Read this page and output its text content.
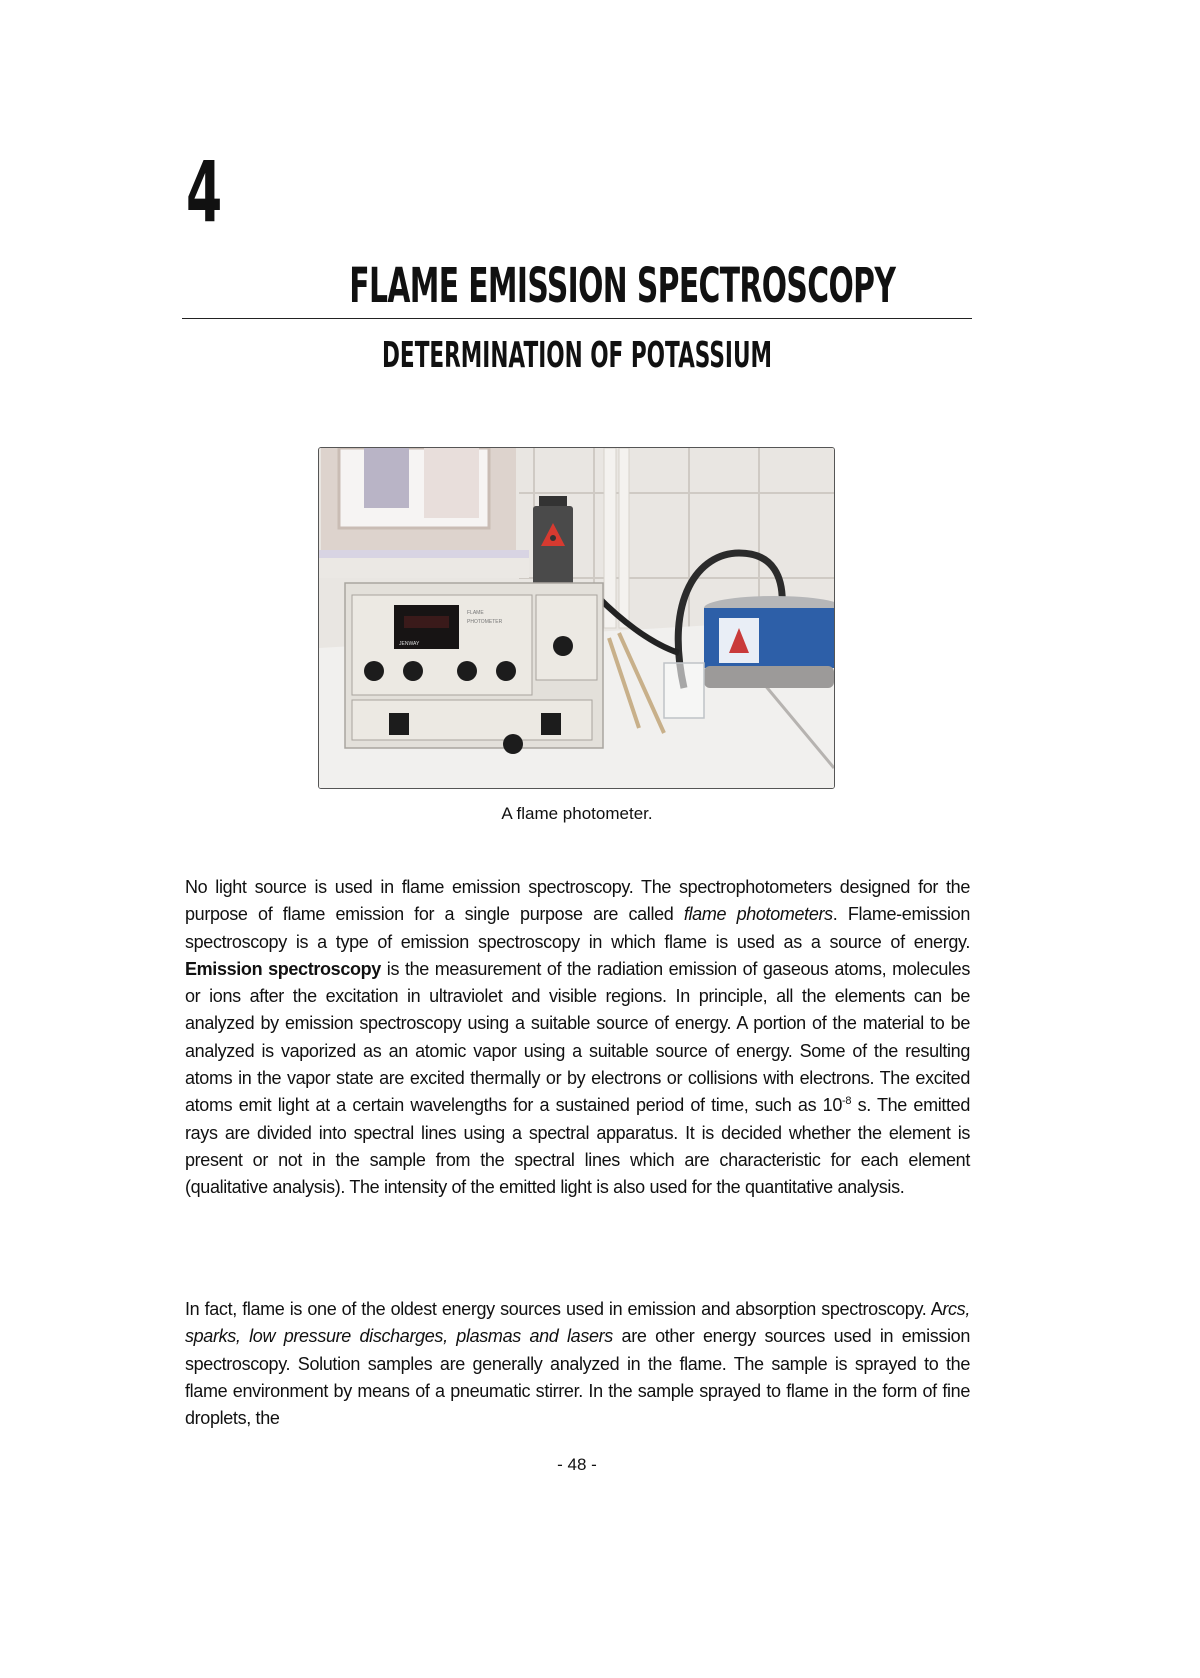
4
FLAME EMISSION SPECTROSCOPY
DETERMINATION OF POTASSIUM
JENWAY
FLAME
PHOTOMETER
A flame photometer.

No light source is used in flame emission spectroscopy. The spectrophotometers designed for the purpose of flame emission for a single purpose are called flame photometers. Flame-emission spectroscopy is a type of emission spectroscopy in which flame is used as a source of energy. Emission spectroscopy is the measurement of the radiation emission of gaseous atoms, molecules or ions after the excitation in ultraviolet and visible regions. In principle, all the elements can be analyzed by emission spectroscopy using a suitable source of energy. A portion of the material to be analyzed is vaporized as an atomic vapor using a suitable source of energy. Some of the resulting atoms in the vapor state are excited thermally or by electrons or collisions with electrons. The excited atoms emit light at a certain wavelengths for a sustained period of time, such as $10^{-8}$ s. The emitted rays are divided into spectral lines using a spectral apparatus. It is decided whether the element is present or not in the sample from the spectral lines which are characteristic for each element (qualitative analysis). The intensity of the emitted light is also used for the quantitative analysis.

In fact, flame is one of the oldest energy sources used in emission and absorption spectroscopy. Arcs, sparks, low pressure discharges, plasmas and lasers are other energy sources used in emission spectroscopy. Solution samples are generally analyzed in the flame. The sample is sprayed to the flame environment by means of a pneumatic stirrer. In the sample sprayed to flame in the form of fine droplets, the

- 48 -
